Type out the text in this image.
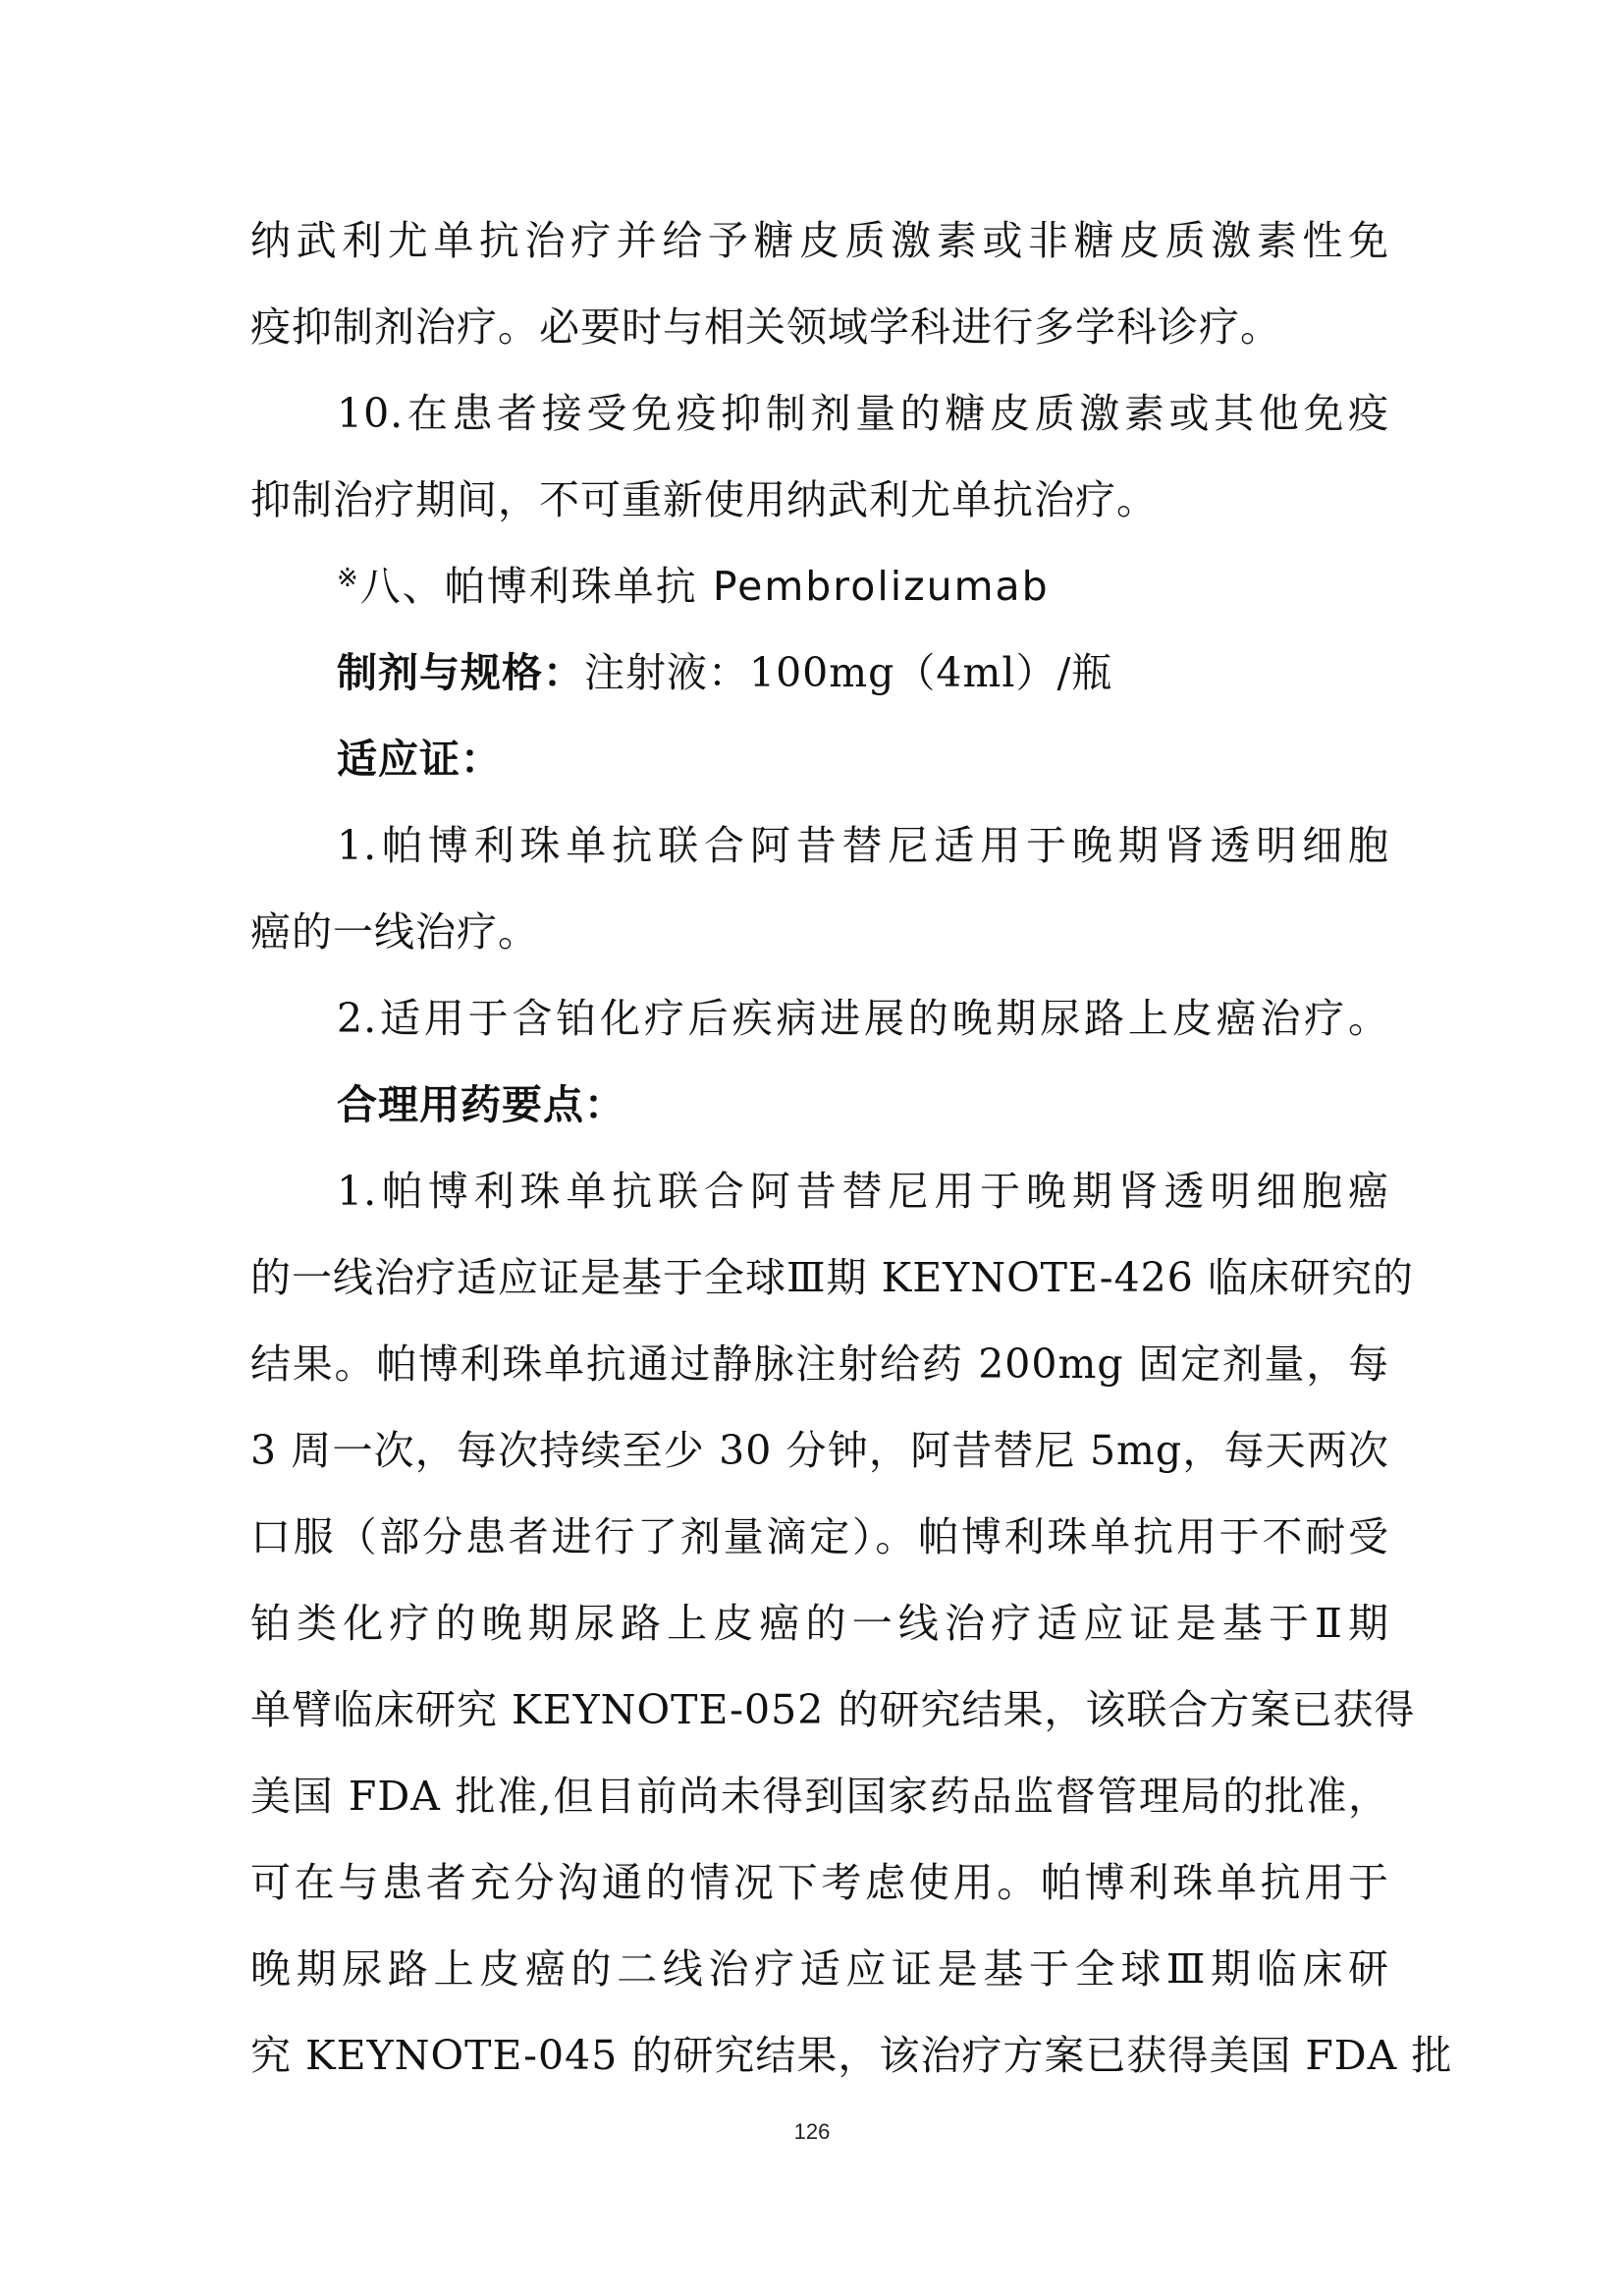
纳武利尤单抗治疗并给予糖皮质激素或非糖皮质激素性免
疫抑制剂治疗。必要时与相关领域学科进行多学科诊疗。
10.在患者接受免疫抑制剂量的糖皮质激素或其他免疫
抑制治疗期间，不可重新使用纳武利尤单抗治疗。
※八、帕博利珠单抗 Pembrolizumab
制剂与规格：注射液：100mg（4ml）/瓶
适应证：
1.帕博利珠单抗联合阿昔替尼适用于晚期肾透明细胞
癌的一线治疗。
2.适用于含铂化疗后疾病进展的晚期尿路上皮癌治疗。
合理用药要点：
1.帕博利珠单抗联合阿昔替尼用于晚期肾透明细胞癌
的一线治疗适应证是基于全球Ⅲ期 KEYNOTE-426 临床研究的
结果。帕博利珠单抗通过静脉注射给药 200mg 固定剂量，每
3 周一次，每次持续至少 30 分钟，阿昔替尼 5mg，每天两次
口服（部分患者进行了剂量滴定）。帕博利珠单抗用于不耐受
铂类化疗的晚期尿路上皮癌的一线治疗适应证是基于Ⅱ期
单臂临床研究 KEYNOTE-052 的研究结果，该联合方案已获得
美国 FDA 批准,但目前尚未得到国家药品监督管理局的批准，
可在与患者充分沟通的情况下考虑使用。帕博利珠单抗用于
晚期尿路上皮癌的二线治疗适应证是基于全球Ⅲ期临床研
究 KEYNOTE-045 的研究结果，该治疗方案已获得美国 FDA 批
126
